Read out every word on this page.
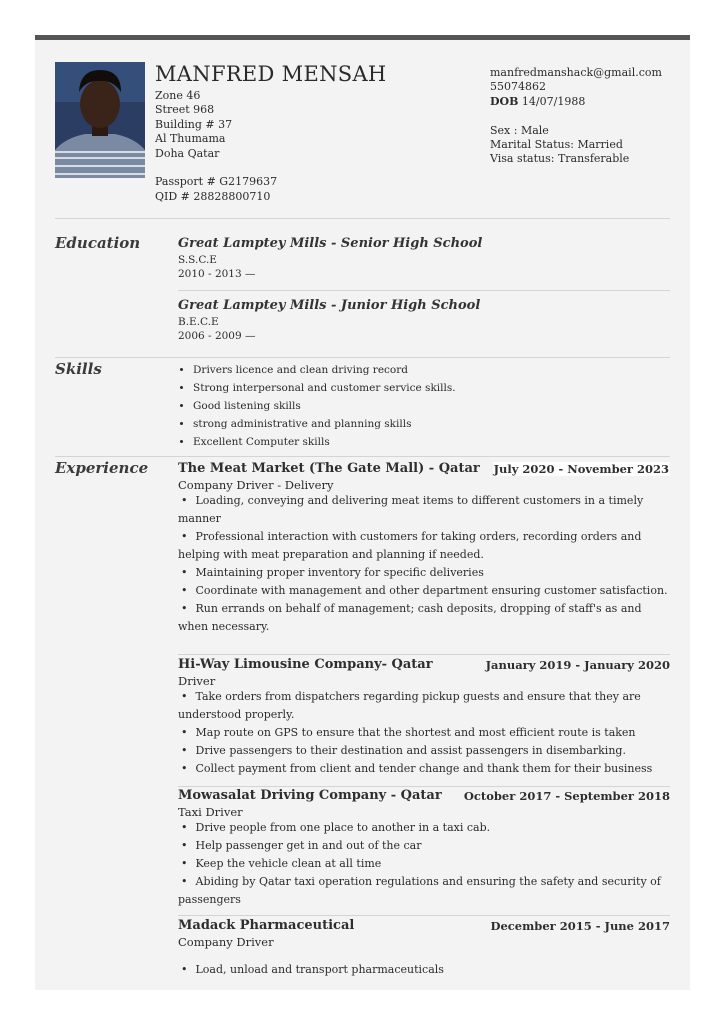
MANFRED MENSAH
Zone 46
Street 968
Building # 37
Al Thumama
Doha Qatar
Passport # G2179637
QID # 28828800710
manfredmanshack@gmail.com
55074862
DOB 14/07/1988
Sex : Male
Marital Status: Married
Visa status: Transferable
Education	Great Lamptey Mills - Senior High School
S.S.C.E
2010 - 2013 —
Great Lamptey Mills - Junior High School
B.E.C.E
2006 - 2009 —
Skills
•	Drivers licence and clean driving record
• Strong interpersonal and customer service skills.
• Good listening skills
• strong administrative and planning skills
• Excellent Computer skills
Experience The Meat Market (The Gate Mall) - Qatar July 2020 - November 2023
Company Driver - Delivery
• Loading, conveying and delivering meat items to different customers in a timely manner
• Professional interaction with customers for taking orders, recording orders and helping with meat preparation and planning if needed.
• Maintaining proper inventory for specific deliveries
• Coordinate with management and other department ensuring customer satisfaction.
• Run errands on behalf of management; cash deposits, dropping of staff's as and when necessary.
Hi-Way Limousine Company- Qatar	January 2019 - January 2020
Driver
• Take orders from dispatchers regarding pickup guests and ensure that they are understood properly.
• Map route on GPS to ensure that the shortest and most efficient route is taken
• Drive passengers to their destination and assist passengers in disembarking.
• Collect payment from client and tender change and thank them for their business
Mowasalat Driving Company - Qatar October 2017 - September 2018
Taxi Driver
• Drive people from one place to another in a taxi cab.
• Help passenger get in and out of the car
• Keep the vehicle clean at all time
• Abiding by Qatar taxi operation regulations and ensuring the safety and security of passengers
Madack Pharmaceutical	December 2015 - June 2017
Company Driver
• Load, unload and transport pharmaceuticals
